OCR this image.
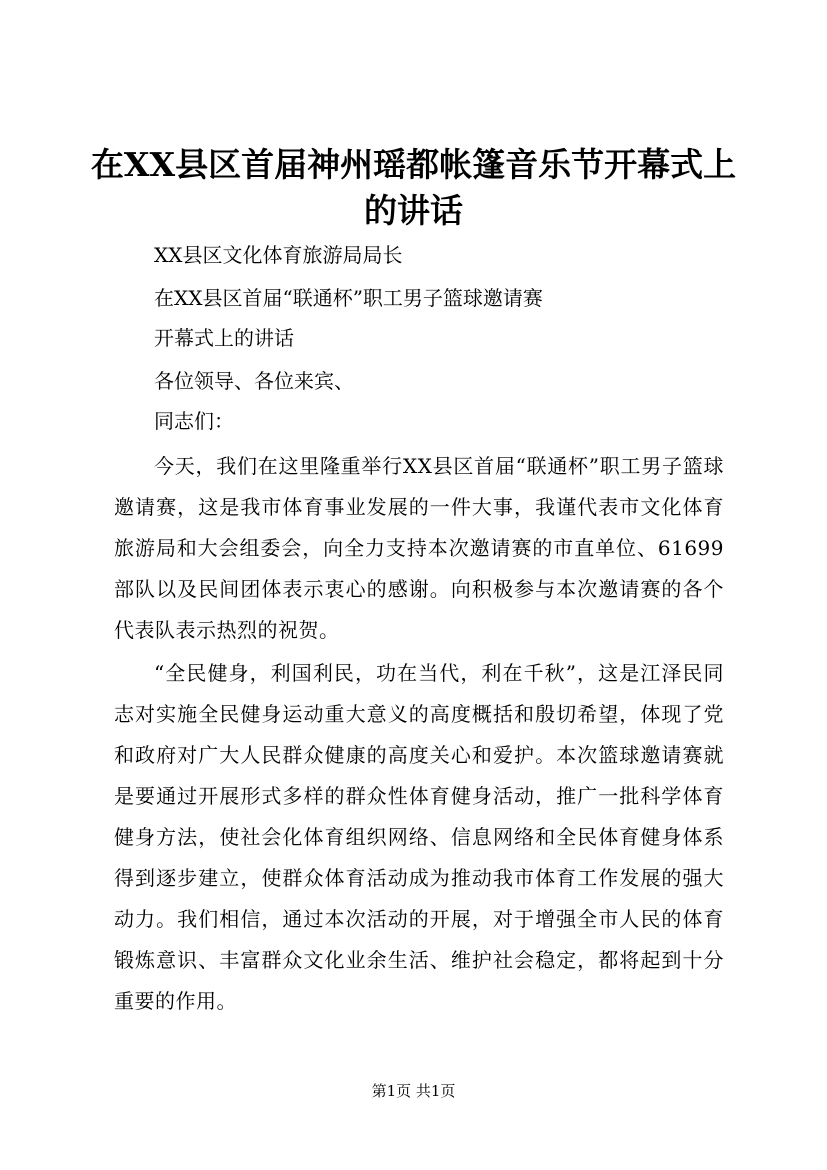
在XX县区首届神州瑶都帐篷音乐节开幕式上的讲话
XX县区文化体育旅游局局长
在XX县区首届“联通杯”职工男子篮球邀请赛
开幕式上的讲话
各位领导、各位来宾、
同志们：
今天，我们在这里隆重举行XX县区首届“联通杯”职工男子篮球邀请赛，这是我市体育事业发展的一件大事，我谨代表市文化体育旅游局和大会组委会，向全力支持本次邀请赛的市直单位、61699部队以及民间团体表示衷心的感谢。向积极参与本次邀请赛的各个代表队表示热烈的祝贺。
“全民健身，利国利民，功在当代，利在千秋”，这是江泽民同志对实施全民健身运动重大意义的高度概括和殷切希望，体现了党和政府对广大人民群众健康的高度关心和爱护。本次篮球邀请赛就是要通过开展形式多样的群众性体育健身活动，推广一批科学体育健身方法，使社会化体育组织网络、信息网络和全民体育健身体系得到逐步建立，使群众体育活动成为推动我市体育工作发展的强大动力。我们相信，通过本次活动的开展，对于增强全市人民的体育锻炼意识、丰富群众文化业余生活、维护社会稳定，都将起到十分重要的作用。
第1页 共1页
